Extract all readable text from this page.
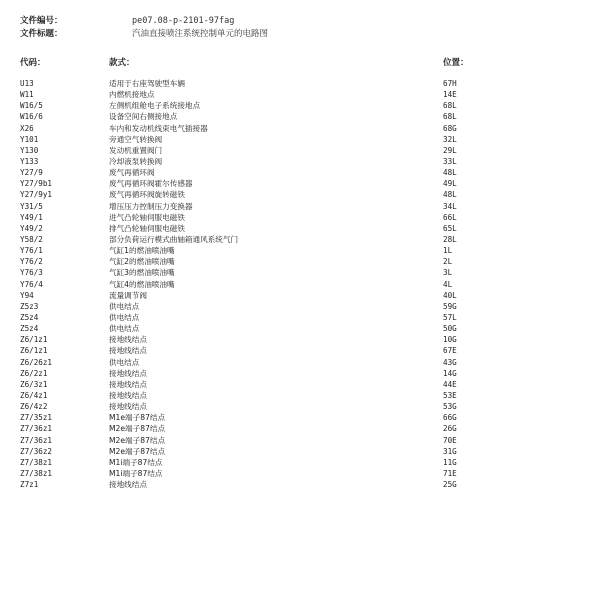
文件编号：	pe07.08-p-2101-97fag
文件标题：	汽油直接喷注系统控制单元的电路图
代码：	款式：	位置：
U13	适用于右座驾驶型车辆	67H
W11	内燃机接地点	14E
W16/5	左侧机组舱电子系统接地点	68L
W16/6	设备空间右侧接地点	68L
X26	车内和发动机线束电气插接器	68G
Y101	旁通空气转换阀	32L
Y130	发动机重置阀门	29L
Y133	冷却液泵转换阀	33L
Y27/9	废气再循环阀	48L
Y27/9b1	废气再循环阀霍尔传感器	49L
Y27/9y1	废气再循环阀旋转磁铁	48L
Y31/5	增压压力控制压力变换器	34L
Y49/1	进气凸轮轴伺服电磁铁	66L
Y49/2	排气凸轮轴伺服电磁铁	65L
Y58/2	部分负荷运行模式曲轴箱通风系统气门	28L
Y76/1	气缸1的燃油喷油嘴	1L
Y76/2	气缸2的燃油喷油嘴	2L
Y76/3	气缸3的燃油喷油嘴	3L
Y76/4	气缸4的燃油喷油嘴	4L
Y94	流量调节阀	40L
Z5z3	供电结点	59G
Z5z4	供电结点	57L
Z5z4	供电结点	50G
Z6/1z1	接地线结点	10G
Z6/1z1	接地线结点	67E
Z6/26z1	供电结点	43G
Z6/2z1	接地线结点	14G
Z6/3z1	接地线结点	44E
Z6/4z1	接地线结点	53E
Z6/4z2	接地线结点	53G
Z7/35z1	M1e端子87结点	66G
Z7/36z1	M2e端子87结点	26G
Z7/36z1	M2e端子87结点	70E
Z7/36z2	M2e端子87结点	31G
Z7/38z1	M1i端子87结点	11G
Z7/38z1	M1i端子87结点	71E
Z7z1	接地线结点	25G
